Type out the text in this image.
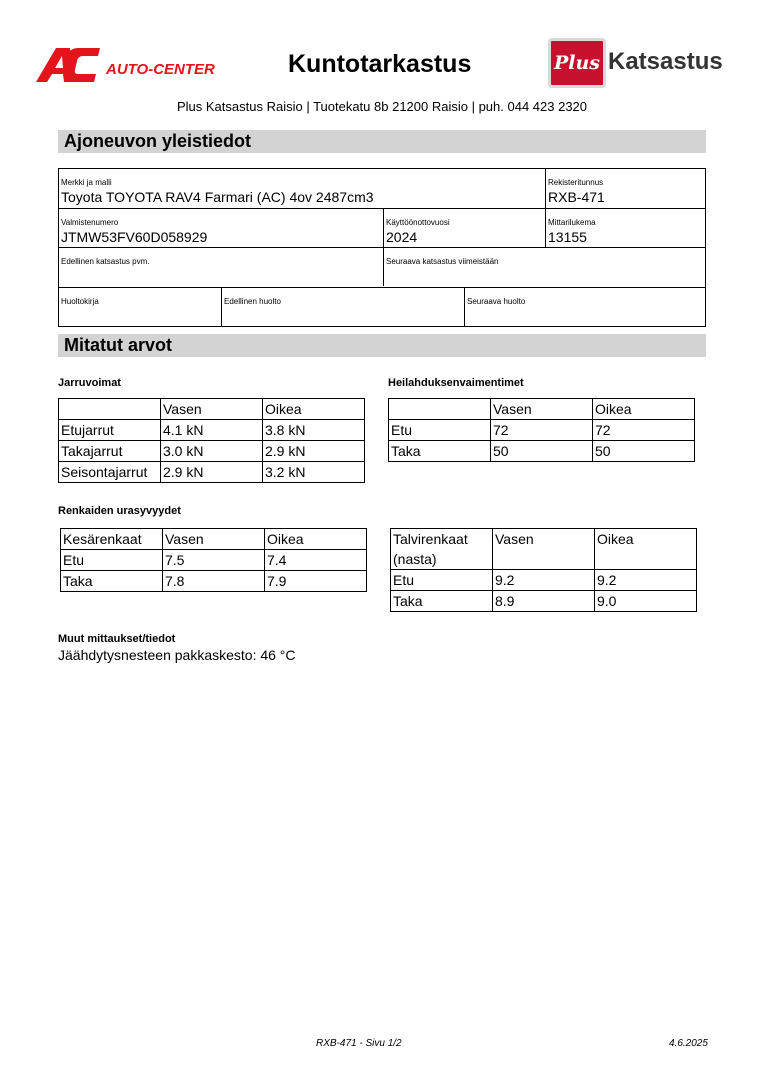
AUTO-CENTER	Kuntotarkastus	Plus Katsastus
Plus Katsastus Raisio | Tuotekatu 8b 21200 Raisio | puh. 044 423 2320
Ajoneuvon yleistiedot
Merkki ja malli
Toyota TOYOTA RAV4 Farmari (AC) 4ov 2487cm3
Rekisteritunnus
RXB-471
Valmistenumero
JTMW53FV60D058929
Käyttöönottovuosi
2024
Mittarilukema
13155
Edellinen katsastus pvm.	Seuraava katsastus viimeistään
Huoltokirja	Edellinen huolto	Seuraava huolto
Mitatut arvot
Jarruvoimat	Heilahduksenvaimentimet
	Vasen	Oikea
Etujarrut	4.1 kN	3.8 kN
Takajarrut	3.0 kN	2.9 kN
Seisontajarrut	2.9 kN	3.2 kN
	Vasen	Oikea
Etu	72	72
Taka	50	50
Renkaiden urasyvyydet
Kesärenkaat	Vasen	Oikea
Etu	7.5	7.4
Taka	7.8	7.9
Talvirenkaat (nasta)	Vasen	Oikea
Etu	9.2	9.2
Taka	8.9	9.0
Muut mittaukset/tiedot
Jäähdytysnesteen pakkaskesto: 46 °C
RXB-471 - Sivu 1/2	4.6.2025
